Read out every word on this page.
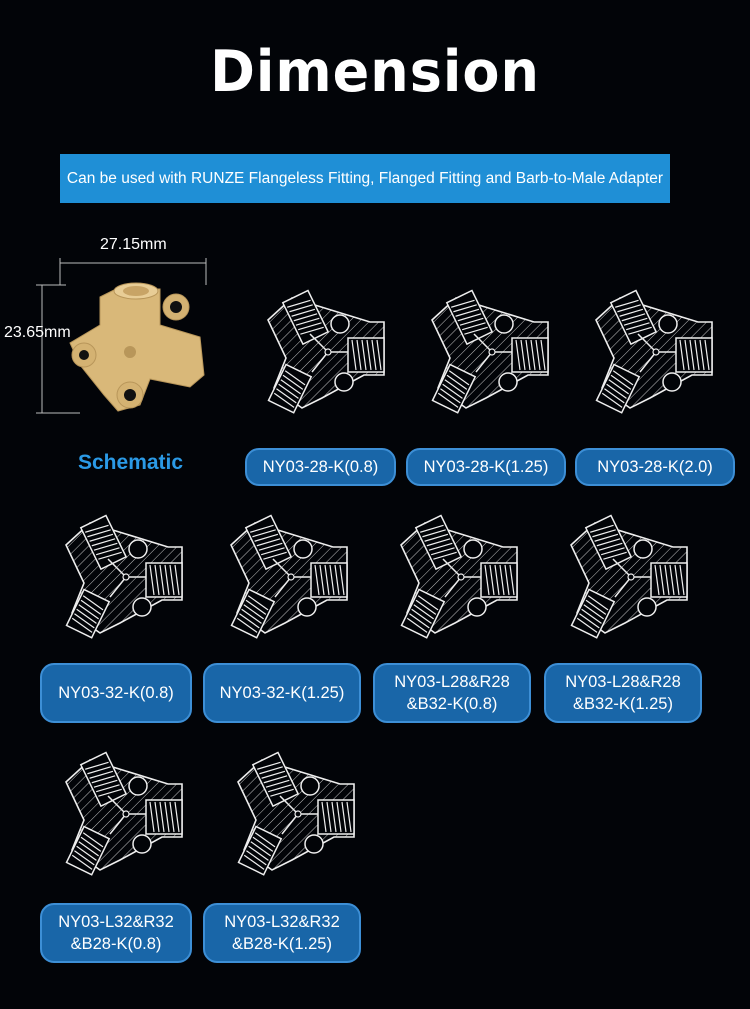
Dimension
Can be used with RUNZE Flangeless Fitting, Flanged Fitting and Barb-to-Male Adapter
27.15mm
23.65mm
Schematic	NY03-28-K(0.8)	NY03-28-K(1.25)	NY03-28-K(2.0)
NY03-32-K(0.8)	NY03-32-K(1.25)
NY03-L28&R28
&B32-K(0.8)
NY03-L28&R28
&B32-K(1.25)
NY03-L32&R32
&B28-K(0.8)
NY03-L32&R32
&B28-K(1.25)
